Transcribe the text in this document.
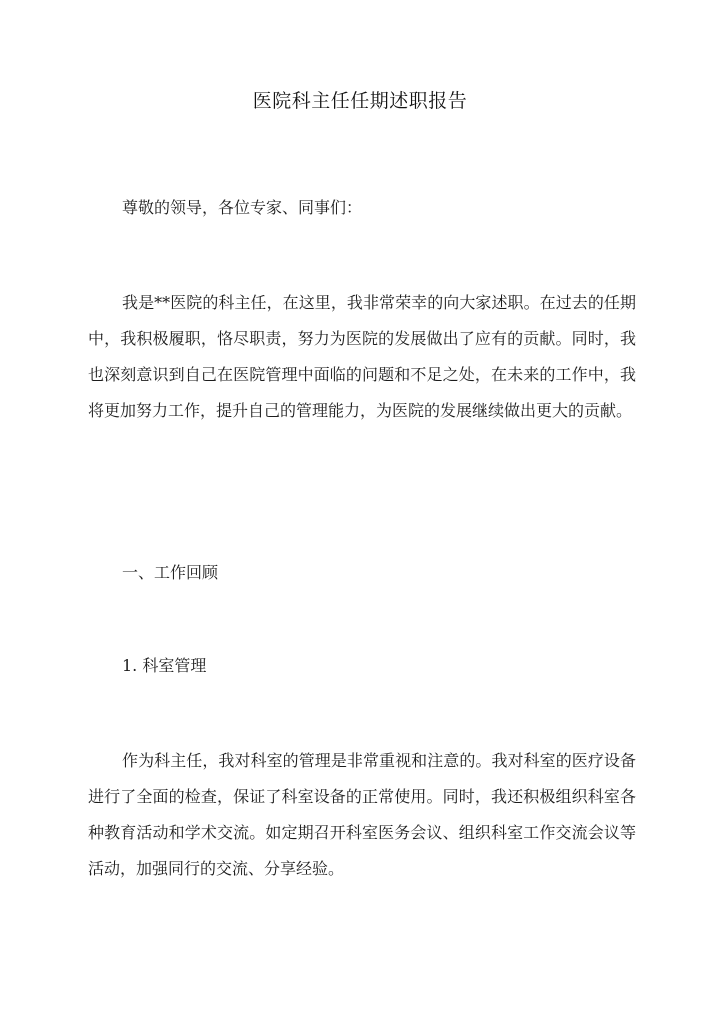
医院科主任任期述职报告
尊敬的领导，各位专家、同事们：
我是**医院的科主任，在这里，我非常荣幸的向大家述职。在过去的任期中，我积极履职，恪尽职责，努力为医院的发展做出了应有的贡献。同时，我也深刻意识到自己在医院管理中面临的问题和不足之处，在未来的工作中，我将更加努力工作，提升自己的管理能力，为医院的发展继续做出更大的贡献。
一、工作回顾
1. 科室管理
作为科主任，我对科室的管理是非常重视和注意的。我对科室的医疗设备进行了全面的检查，保证了科室设备的正常使用。同时，我还积极组织科室各种教育活动和学术交流。如定期召开科室医务会议、组织科室工作交流会议等活动，加强同行的交流、分享经验。
